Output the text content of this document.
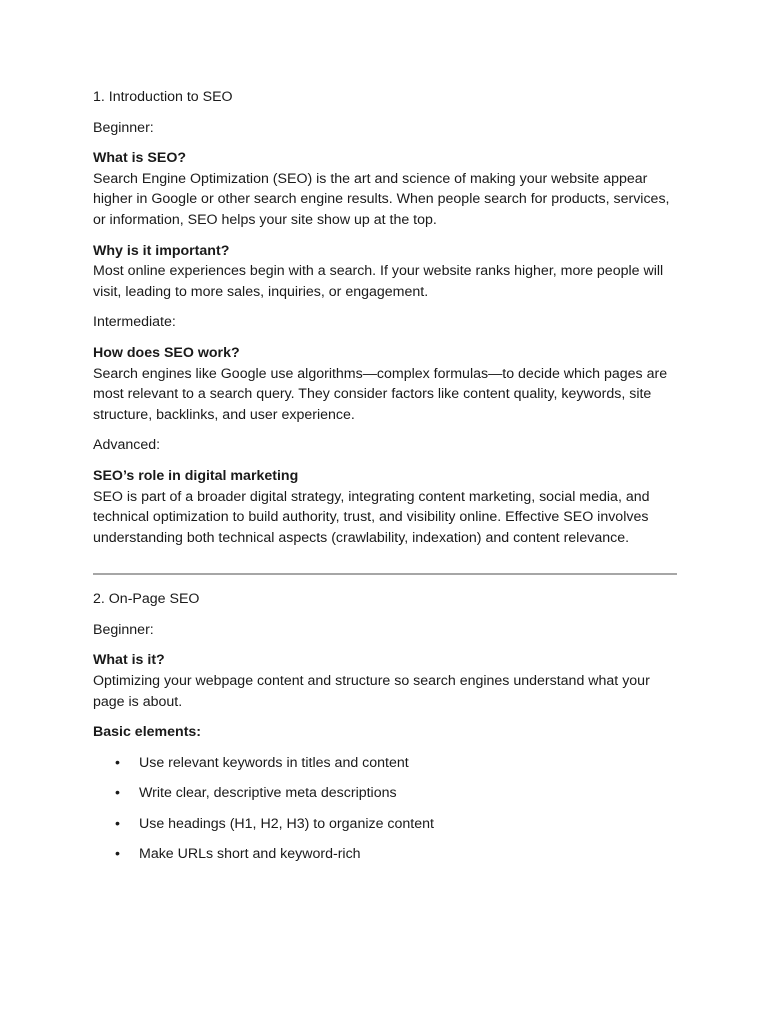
1. Introduction to SEO

Beginner:

What is SEO?
Search Engine Optimization (SEO) is the art and science of making your website appear higher in Google or other search engine results. When people search for products, services, or information, SEO helps your site show up at the top.

Why is it important?
Most online experiences begin with a search. If your website ranks higher, more people will visit, leading to more sales, inquiries, or engagement.

Intermediate:

How does SEO work?
Search engines like Google use algorithms—complex formulas—to decide which pages are most relevant to a search query. They consider factors like content quality, keywords, site structure, backlinks, and user experience.

Advanced:

SEO’s role in digital marketing
SEO is part of a broader digital strategy, integrating content marketing, social media, and technical optimization to build authority, trust, and visibility online. Effective SEO involves understanding both technical aspects (crawlability, indexation) and content relevance.

2. On-Page SEO

Beginner:

What is it?
Optimizing your webpage content and structure so search engines understand what your page is about.

Basic elements:

• Use relevant keywords in titles and content
• Write clear, descriptive meta descriptions
• Use headings (H1, H2, H3) to organize content
• Make URLs short and keyword-rich
